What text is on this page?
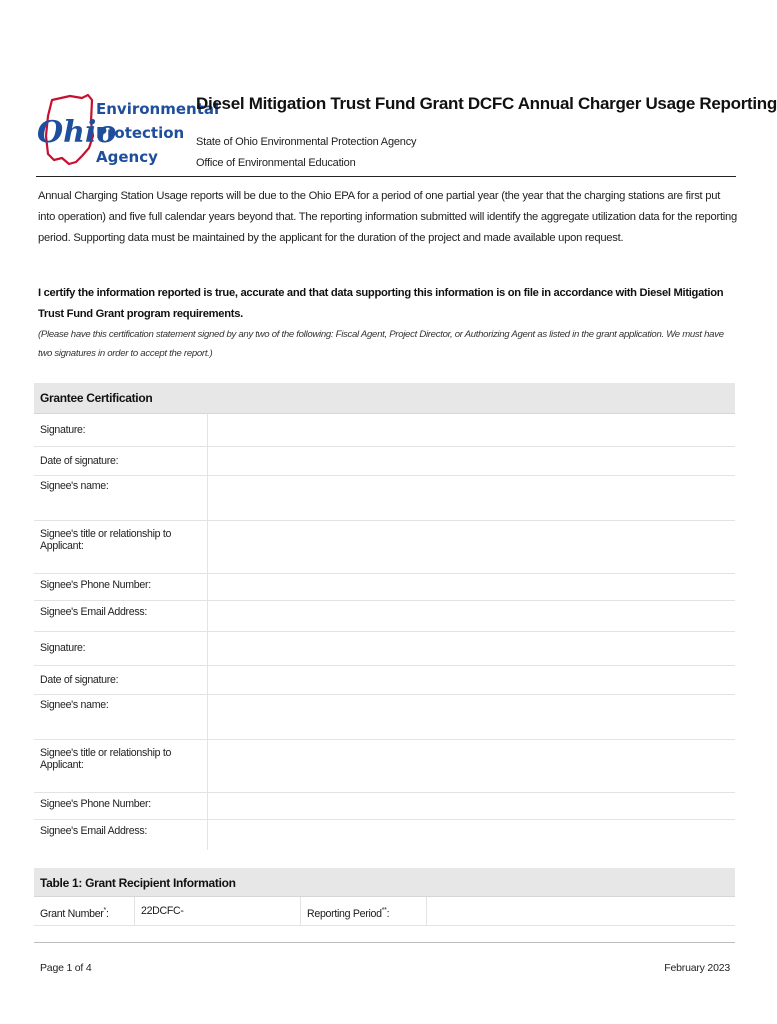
Ohio
Environmental
Protection
Agency
Diesel Mitigation Trust Fund Grant DCFC Annual Charger Usage Reporting
State of Ohio Environmental Protection Agency
Office of Environmental Education
Annual Charging Station Usage reports will be due to the Ohio EPA for a period of one partial year (the year that the charging stations are first put into operation) and five full calendar years beyond that. The reporting information submitted will identify the aggregate utilization data for the reporting period. Supporting data must be maintained by the applicant for the duration of the project and made available upon request.
I certify the information reported is true, accurate and that data supporting this information is on file in accordance with Diesel Mitigation Trust Fund Grant program requirements.
(Please have this certification statement signed by any two of the following: Fiscal Agent, Project Director, or Authorizing Agent as listed in the grant application. We must have two signatures in order to accept the report.)
Grantee Certification
Signature:
Date of signature:
Signee's name:
Signee's title or relationship to Applicant:
Signee's Phone Number:
Signee's Email Address:
Signature:
Date of signature:
Signee's name:
Signee's title or relationship to Applicant:
Signee's Phone Number:
Signee's Email Address:
Table 1: Grant Recipient Information
Grant Number*:	22DCFC-	Reporting Period**:
Page 1 of 4	February 2023
